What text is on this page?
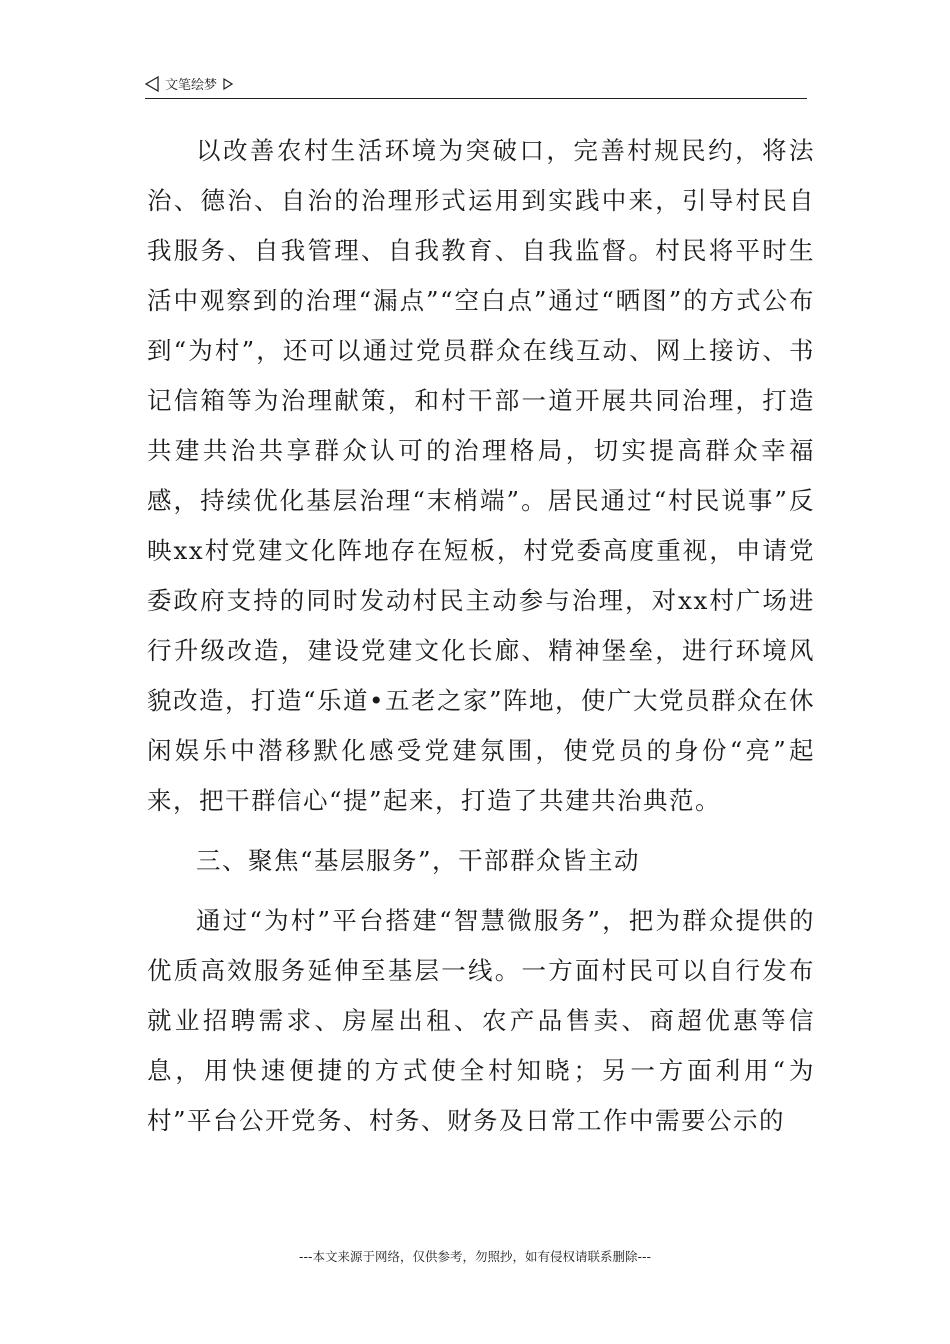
文笔绘梦

以改善农村生活环境为突破口，完善村规民约，将法治、德治、自治的治理形式运用到实践中来，引导村民自我服务、自我管理、自我教育、自我监督。村民将平时生活中观察到的治理“漏点”“空白点”通过“晒图”的方式公布到“为村”，还可以通过党员群众在线互动、网上接访、书记信箱等为治理献策，和村干部一道开展共同治理，打造共建共治共享群众认可的治理格局，切实提高群众幸福感，持续优化基层治理“末梢端”。居民通过“村民说事”反映xx村党建文化阵地存在短板，村党委高度重视，申请党委政府支持的同时发动村民主动参与治理，对xx村广场进行升级改造，建设党建文化长廊、精神堡垒，进行环境风貌改造，打造“乐道•五老之家”阵地，使广大党员群众在休闲娱乐中潜移默化感受党建氛围，使党员的身份“亮”起来，把干群信心“提”起来，打造了共建共治典范。

三、聚焦“基层服务”，干部群众皆主动

通过“为村”平台搭建“智慧微服务”，把为群众提供的优质高效服务延伸至基层一线。一方面村民可以自行发布就业招聘需求、房屋出租、农产品售卖、商超优惠等信息，用快速便捷的方式使全村知晓；另一方面利用“为村”平台公开党务、村务、财务及日常工作中需要公示的

---本文来源于网络，仅供参考，勿照抄，如有侵权请联系删除---
